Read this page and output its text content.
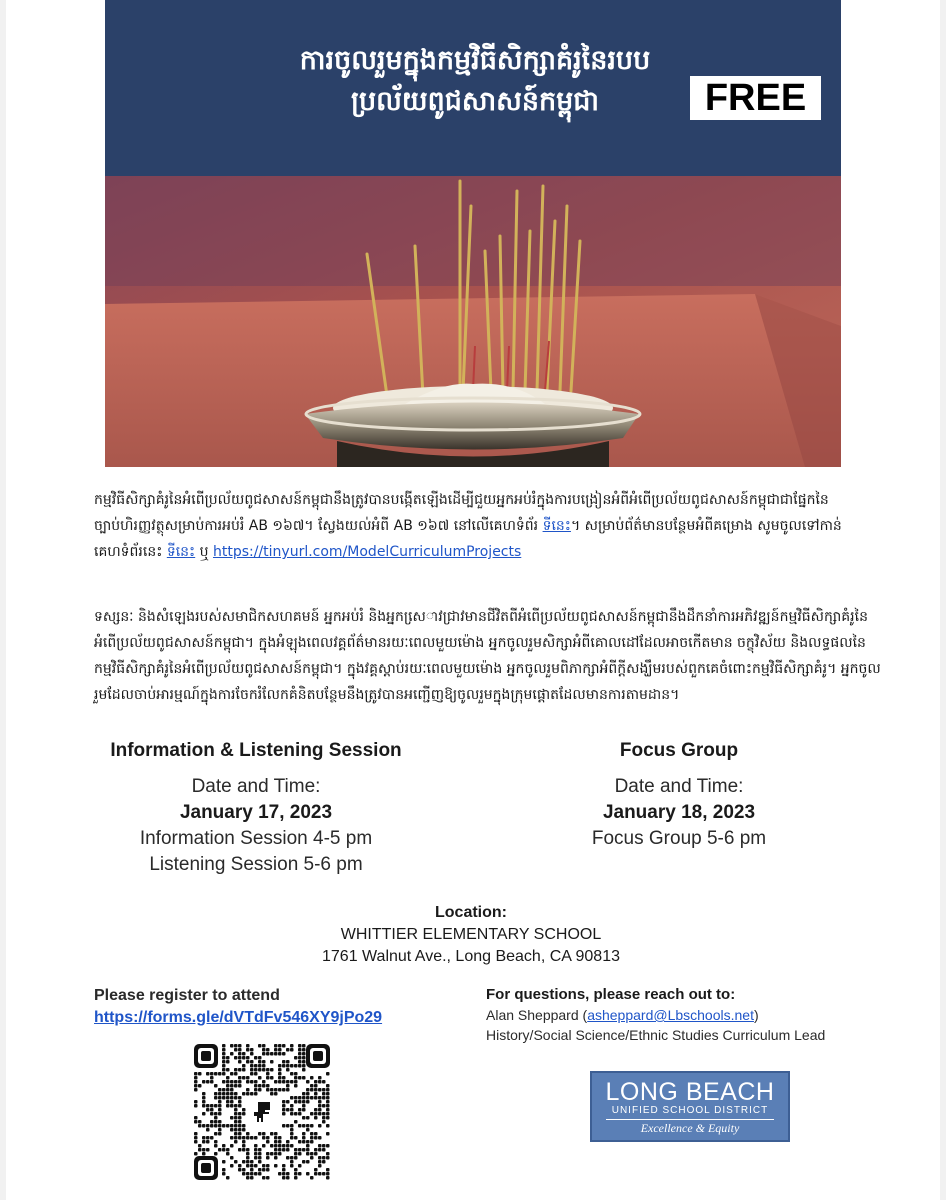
ការចូលរួមក្នុងកម្មវិធីសិក្សាគំរូនៃរបប ប្រល័យពូជសាសន៍កម្ពុជា	FREE
កម្មវិធីសិក្សាគំរូនៃអំពើប្រល័យពូជសាសន៍កម្ពុជានឹងត្រូវបានបង្កើតឡើងដើម្បីជួយអ្នកអប់រំក្នុងការបង្រៀនអំពីអំពើប្រល័យពូជសាសន៍កម្ពុជាជាផ្នែកនៃច្បាប់ហិរញ្ញវត្ថុសម្រាប់ការអប់រំ AB ១៦៧។ ស្វែងយល់អំពី AB ១៦៧ នៅលើគេហទំព័រ ទីនេះ។ សម្រាប់ព័ត៌មានបន្ថែមអំពីគម្រោង សូមចូលទៅកាន់គេហទំព័រនេះ ទីនេះ ឬ https://tinyurl.com/ModelCurriculumProjects
ទស្សនៈ និងសំឡេងរបស់សមាជិកសហគមន៍ អ្នកអប់រំ និងអ្នកសេ្រាវជ្រាវមានជីវិតពីអំពើប្រល័យពូជសាសន៍កម្ពុជានឹងដឹកនាំការអភិវឌ្ឍន៍កម្មវិធីសិក្សាគំរូនៃអំពើប្រល័យពូជសាសន៍កម្ពុជា។ ក្នុងអំឡុងពេលវគ្គព័ត៌មានរយៈពេលមួយម៉ោង អ្នកចូលរួមសិក្សាអំពីគោលដៅដែលអាចកើតមាន ចក្ខុវិស័យ និងលទ្ធផលនៃកម្មវិធីសិក្សាគំរូនៃអំពើប្រល័យពូជសាសន៍កម្ពុជា។ ក្នុងវគ្គស្តាប់រយៈពេលមួយម៉ោង អ្នកចូលរួមពិភាក្សាអំពីក្តីសង្ឃឹមរបស់ពួកគេចំពោះកម្មវិធីសិក្សាគំរូ។ អ្នកចូលរួមដែលចាប់អារម្មណ៍ក្នុងការចែករំលែកគំនិតបន្ថែមនឹងត្រូវបានអញ្ជើញឱ្យចូលរួមក្នុងក្រុមផ្តោតដែលមានការតាមដាន។
Information & Listening Session
Date and Time:
January 17, 2023
Information Session 4-5 pm
Listening Session 5-6 pm
Focus Group
Date and Time:
January 18, 2023
Focus Group 5-6 pm
Location:
WHITTIER ELEMENTARY SCHOOL
1761 Walnut Ave., Long Beach, CA 90813
Please register to attend
https://forms.gle/dVTdFv546XY9jPo29
For questions, please reach out to:
Alan Sheppard (asheppard@Lbschools.net)
History/Social Science/Ethnic Studies Curriculum Lead
LONG BEACH
UNIFIED SCHOOL DISTRICT
Excellence & Equity
